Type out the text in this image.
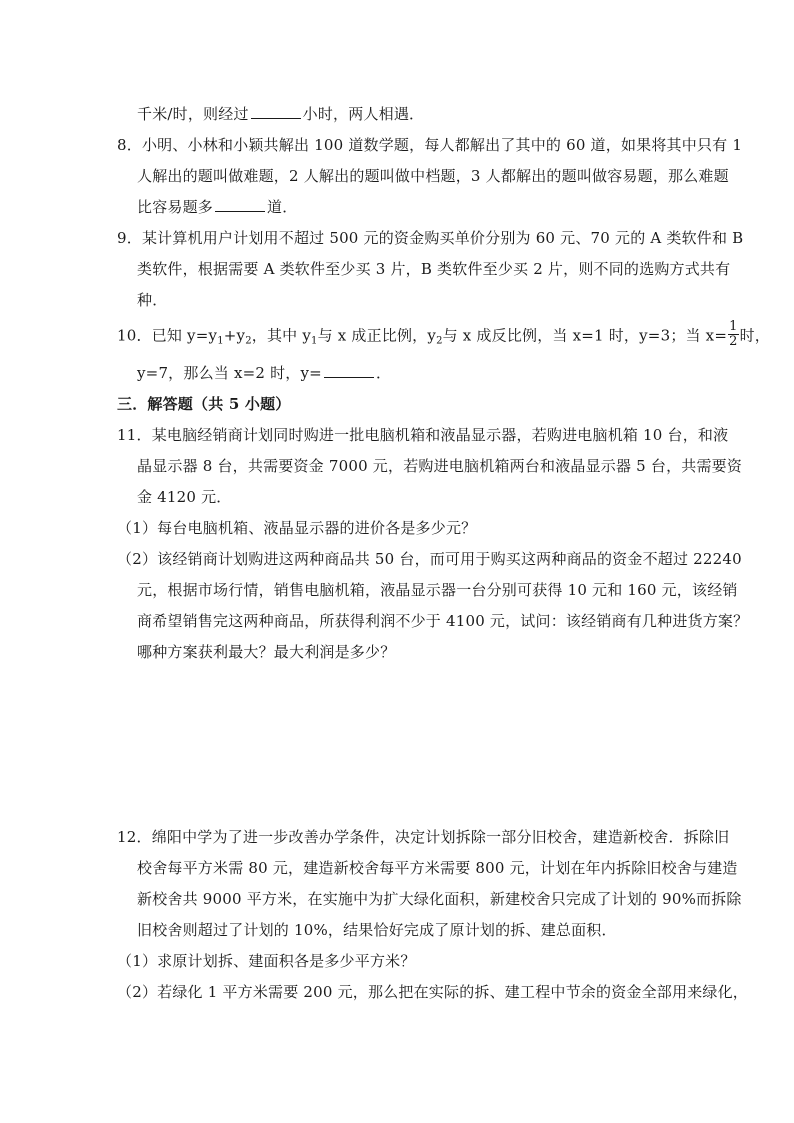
千米/时，则经过	小时，两人相遇．
8．小明、小林和小颖共解出 100 道数学题，每人都解出了其中的 60 道，如果将其中只有 1
人解出的题叫做难题，2 人解出的题叫做中档题，3 人都解出的题叫做容易题，那么难题
比容易题多	道．
9．某计算机用户计划用不超过 500 元的资金购买单价分别为 60 元、70 元的 A 类软件和 B
类软件，根据需要 A 类软件至少买 3 片，B 类软件至少买 2 片，则不同的选购方式共有
种．
10．已知 $y=y_1+y_2$，其中 $y_1$与 x 成正比例，$y_2$与 x 成反比例，当 x=1 时，y=3；当 $x= \frac{1}{2}$ 时，
y=7，那么当 x=2 时，y=	．
三．解答题（共 5 小题）
11．某电脑经销商计划同时购进一批电脑机箱和液晶显示器，若购进电脑机箱 10 台，和液
晶显示器 8 台，共需要资金 7000 元，若购进电脑机箱两台和液晶显示器 5 台，共需要资
金 4120 元．
（1）每台电脑机箱、液晶显示器的进价各是多少元？
（2）该经销商计划购进这两种商品共 50 台，而可用于购买这两种商品的资金不超过 22240
元，根据市场行情，销售电脑机箱，液晶显示器一台分别可获得 10 元和 160 元，该经销
商希望销售完这两种商品，所获得利润不少于 4100 元，试问：该经销商有几种进货方案？
哪种方案获利最大？最大利润是多少？
12．绵阳中学为了进一步改善办学条件，决定计划拆除一部分旧校舍，建造新校舍．拆除旧
校舍每平方米需 80 元，建造新校舍每平方米需要 800 元，计划在年内拆除旧校舍与建造
新校舍共 9000 平方米，在实施中为扩大绿化面积，新建校舍只完成了计划的 90%而拆除
旧校舍则超过了计划的 10%，结果恰好完成了原计划的拆、建总面积．
（1）求原计划拆、建面积各是多少平方米？
（2）若绿化 1 平方米需要 200 元，那么把在实际的拆、建工程中节余的资金全部用来绿化，
